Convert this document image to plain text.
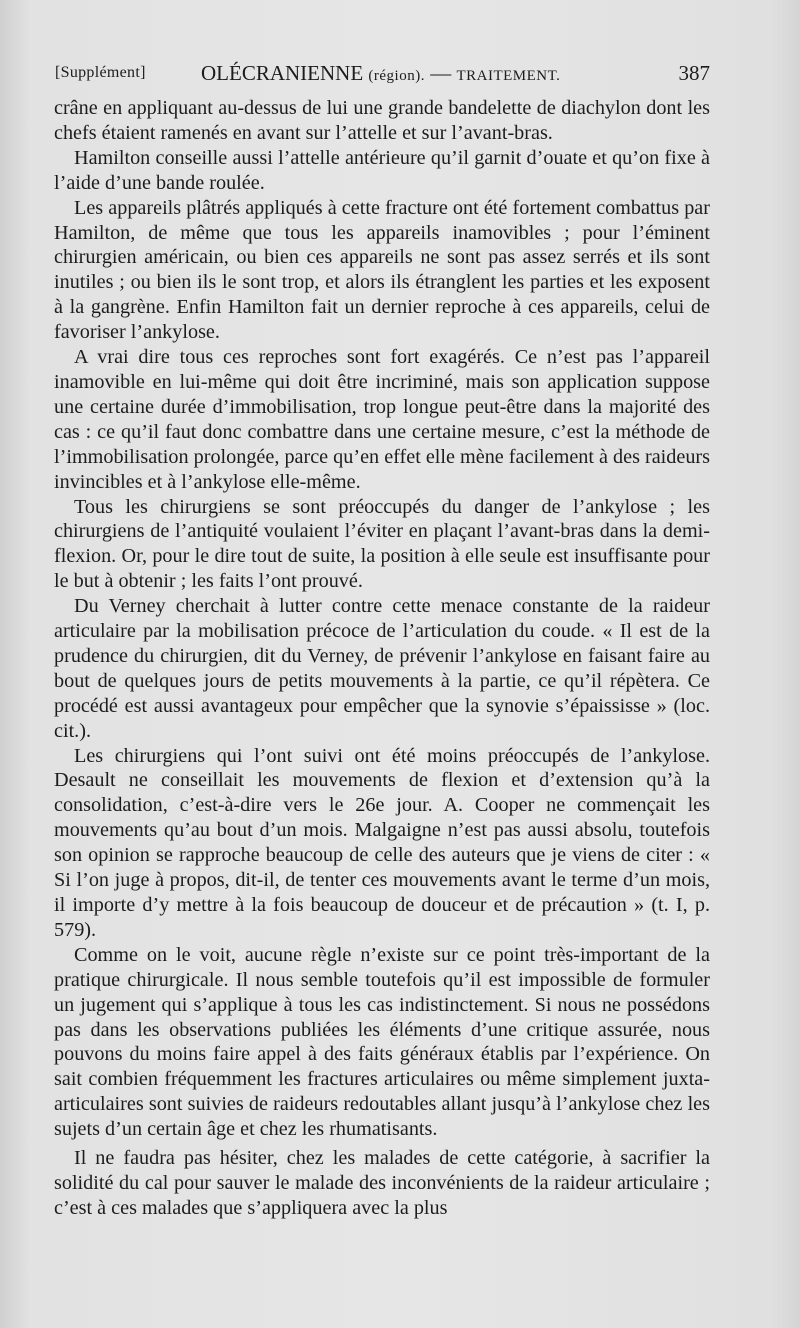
[Supplément]	OLÉCRANIENNE (région). — TRAITEMENT.	387

crâne en appliquant au-dessus de lui une grande bandelette de diachylon dont les chefs étaient ramenés en avant sur l’attelle et sur l’avant-bras.

Hamilton conseille aussi l’attelle antérieure qu’il garnit d’ouate et qu’on fixe à l’aide d’une bande roulée.

Les appareils plâtrés appliqués à cette fracture ont été fortement combattus par Hamilton, de même que tous les appareils inamovibles ; pour l’éminent chirurgien américain, ou bien ces appareils ne sont pas assez serrés et ils sont inutiles ; ou bien ils le sont trop, et alors ils étranglent les parties et les exposent à la gangrène. Enfin Hamilton fait un dernier reproche à ces appareils, celui de favoriser l’ankylose.

A vrai dire tous ces reproches sont fort exagérés. Ce n’est pas l’appareil inamovible en lui-même qui doit être incriminé, mais son application suppose une certaine durée d’immobilisation, trop longue peut-être dans la majorité des cas : ce qu’il faut donc combattre dans une certaine mesure, c’est la méthode de l’immobilisation prolongée, parce qu’en effet elle mène facilement à des raideurs invincibles et à l’ankylose elle-même.

Tous les chirurgiens se sont préoccupés du danger de l’ankylose ; les chirurgiens de l’antiquité voulaient l’éviter en plaçant l’avant-bras dans la demi-flexion. Or, pour le dire tout de suite, la position à elle seule est insuffisante pour le but à obtenir ; les faits l’ont prouvé.

Du Verney cherchait à lutter contre cette menace constante de la raideur articulaire par la mobilisation précoce de l’articulation du coude. « Il est de la prudence du chirurgien, dit du Verney, de prévenir l’ankylose en faisant faire au bout de quelques jours de petits mouvements à la partie, ce qu’il répètera. Ce procédé est aussi avantageux pour empêcher que la synovie s’épaississe » (loc. cit.).

Les chirurgiens qui l’ont suivi ont été moins préoccupés de l’ankylose. Desault ne conseillait les mouvements de flexion et d’extension qu’à la consolidation, c’est-à-dire vers le 26e jour. A. Cooper ne commençait les mouvements qu’au bout d’un mois. Malgaigne n’est pas aussi absolu, toutefois son opinion se rapproche beaucoup de celle des auteurs que je viens de citer : « Si l’on juge à propos, dit-il, de tenter ces mouvements avant le terme d’un mois, il importe d’y mettre à la fois beaucoup de douceur et de précaution » (t. I, p. 579).

Comme on le voit, aucune règle n’existe sur ce point très-important de la pratique chirurgicale. Il nous semble toutefois qu’il est impossible de formuler un jugement qui s’applique à tous les cas indistinctement. Si nous ne possédons pas dans les observations publiées les éléments d’une critique assurée, nous pouvons du moins faire appel à des faits généraux établis par l’expérience. On sait combien fréquemment les fractures articulaires ou même simplement juxta-articulaires sont suivies de raideurs redoutables allant jusqu’à l’ankylose chez les sujets d’un certain âge et chez les rhumatisants.

Il ne faudra pas hésiter, chez les malades de cette catégorie, à sacrifier la solidité du cal pour sauver le malade des inconvénients de la raideur articulaire ; c’est à ces malades que s’appliquera avec la plus
